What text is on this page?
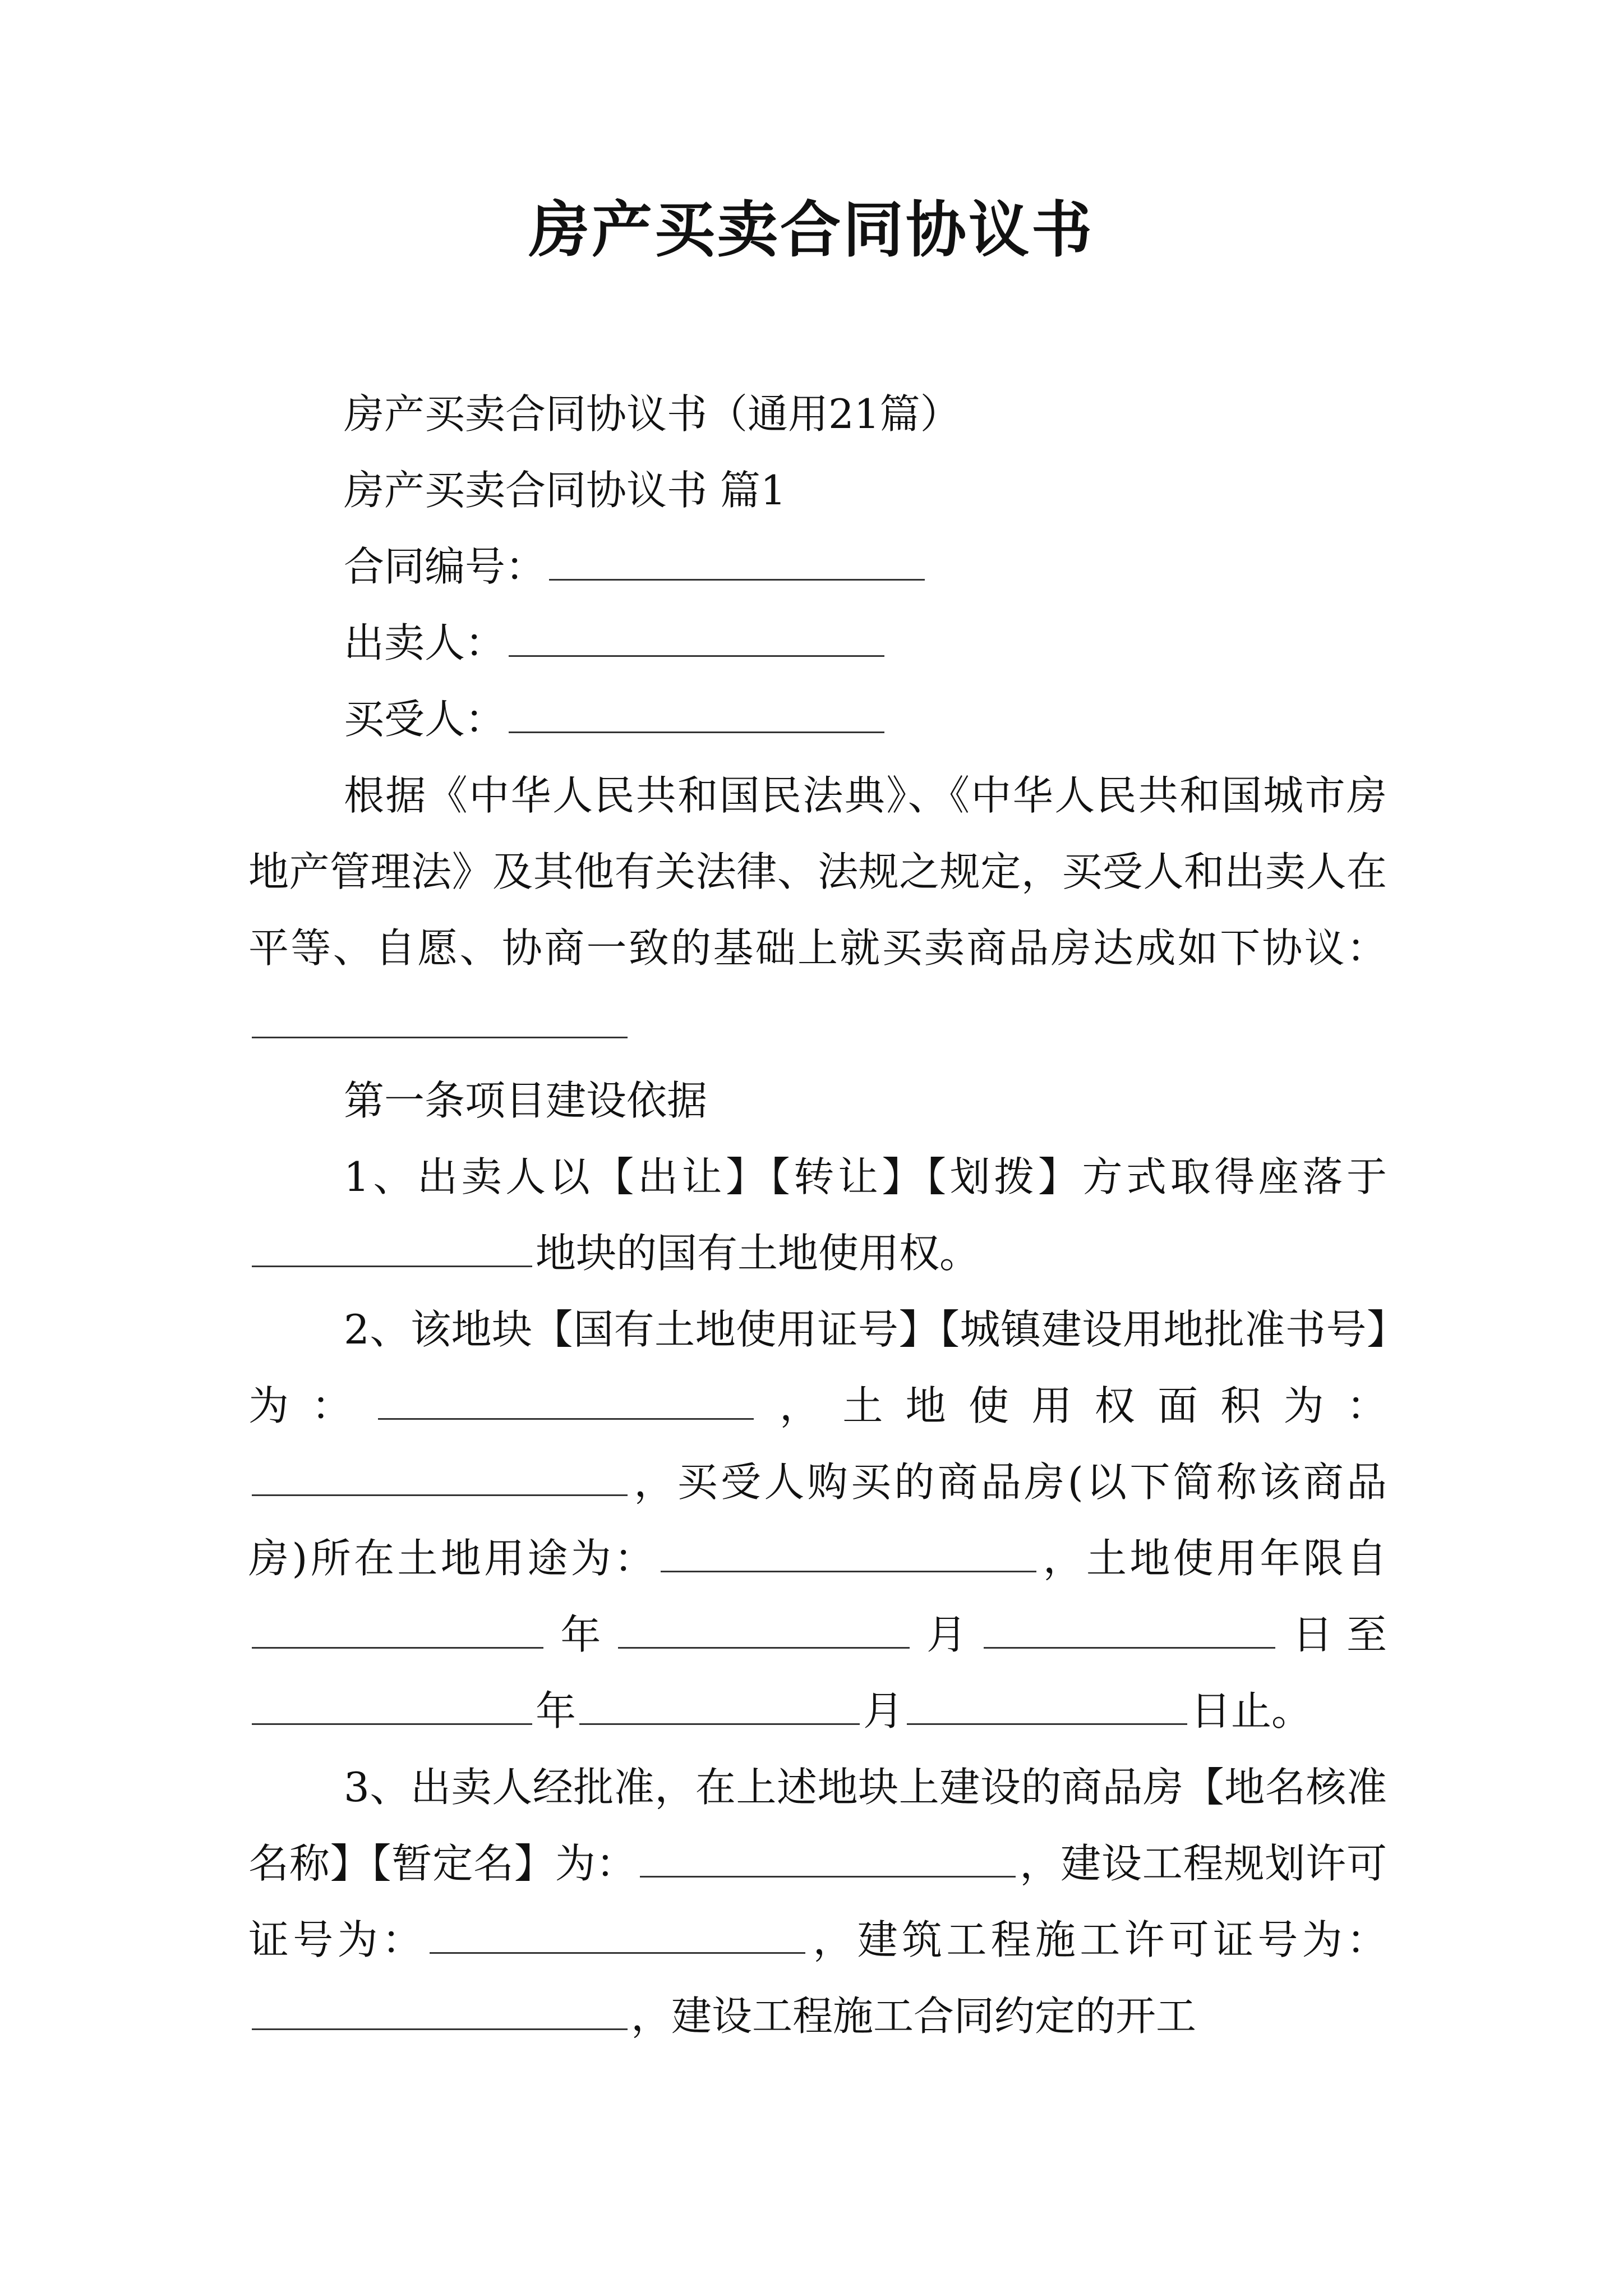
房产买卖合同协议书

房产买卖合同协议书（通用21篇）

房产买卖合同协议书 篇1

合同编号：

出卖人：

买受人：

根据《中华人民共和国民法典》、《中华人民共和国城市房地产管理法》及其他有关法律、法规之规定，买受人和出卖人在平等、自愿、协商一致的基础上就买卖商品房达成如下协议：

第一条项目建设依据

1、出卖人以【出让】【转让】【划拨】方式取得座落于地块的国有土地使用权。

2、该地块【国有土地使用证号】【城镇建设用地批准书号】为：	，土地使用权面积为：，买受人购买的商品房(以下简称该商品房)所在土地用途为：	，土地使用年限自年	月	日至年	月	日止。

3、出卖人经批准，在上述地块上建设的商品房【地名核准名称】【暂定名】为：	，建设工程规划许可证号为：	，建筑工程施工许可证号为：，建设工程施工合同约定的开工
